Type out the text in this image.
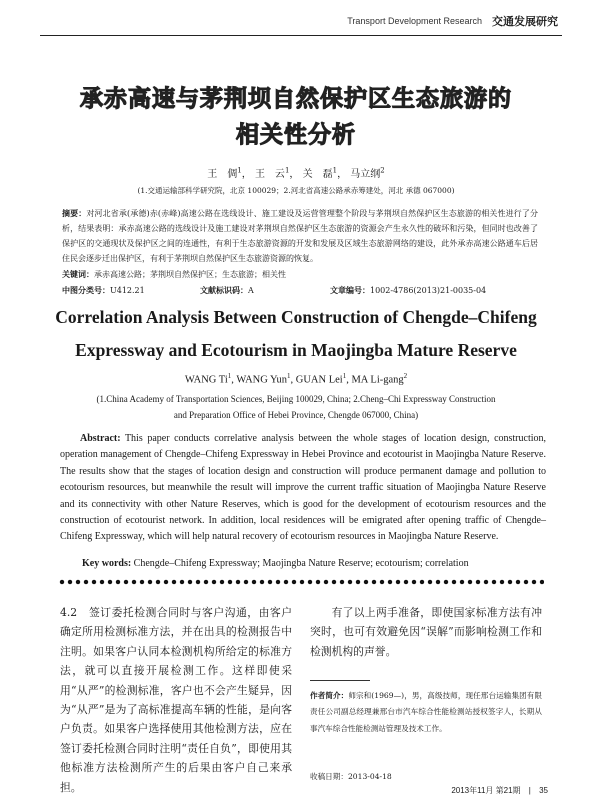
Transport Development Research 交通发展研究
承赤高速与茅荆坝自然保护区生态旅游的
相关性分析
王　倜$^1$， 王　云$^1$， 关　磊$^1$， 马立纲$^2$
(1.交通运输部科学研究院，北京 100029；2.河北省高速公路承赤筹建处，河北 承德 067000)
摘要：对河北省承(承德)赤(赤峰)高速公路在选线设计、施工建设及运营管理整个阶段与茅荆坝自然保护区生态旅游的相关性进行了分析，结果表明：承赤高速公路的选线设计及施工建设对茅荆坝自然保护区生态旅游的资源会产生永久性的破坏和污染，但同时也改善了保护区的交通现状及保护区之间的连通性，有利于生态旅游资源的开发和发展及区域生态旅游网络的建设，此外承赤高速公路通车后居住民会逐步迁出保护区，有利于茅荆坝自然保护区生态旅游资源的恢复。
关键词：承赤高速公路；茅荆坝自然保护区；生态旅游；相关性
中图分类号：U412.21	文献标识码：A	文章编号：1002-4786(2013)21-0035-04
Correlation Analysis Between Construction of Chengde–Chifeng
Expressway and Ecotourism in Maojingba Mature Reserve
WANG Ti$^1$, WANG Yun$^1$, GUAN Lei$^1$, MA Li-gang$^2$
(1.China Academy of Transportation Sciences, Beijing 100029, China; 2.Cheng–Chi Expressway Construction and Preparation Office of Hebei Province, Chengde 067000, China)
Abstract: This paper conducts correlative analysis between the whole stages of location design, construction, operation management of Chengde–Chifeng Expressway in Hebei Province and ecotourist in Maojingba Nature Reserve. The results show that the stages of location design and construction will produce permanent damage and pollution to ecotourism resources, but meanwhile the result will improve the current traffic situation of Maojingba Nature Reserve and its connectivity with other Nature Reserves, which is good for the development of ecotourism resources and the construction of ecotourist network. In addition, local residences will be emigrated after opening traffic of Chengde–Chifeng Expressway, which will help natural recovery of ecotourism resources in Maojingba Nature Reserve.
Key words: Chengde–Chifeng Expressway; Maojingba Nature Reserve; ecotourism; correlation
4.2　签订委托检测合同时与客户沟通，由客户确定所用检测标准方法，并在出具的检测报告中注明。如果客户认同本检测机构所给定的标准方法，就可以直接开展检测工作。这样即使采用“从严”的检测标准，客户也不会产生疑异，因为“从严”是为了高标准提高车辆的性能，是向客户负责。如果客户选择使用其他检测方法，应在签订委托检测合同时注明“责任自负”，即使用其他标准方法检测所产生的后果由客户自己来承担。
有了以上两手准备，即使国家标准方法有冲突时，也可有效避免因“误解”而影响检测工作和检测机构的声誉。
作者简介：师宗和(1969—)，男，高级技师，现任邢台运输集团有限责任公司副总经理兼邢台市汽车综合性能检测站授权签字人，长期从事汽车综合性能检测站管理及技术工作。
收稿日期：2013-04-18
2013年11月 第21期 | 35
